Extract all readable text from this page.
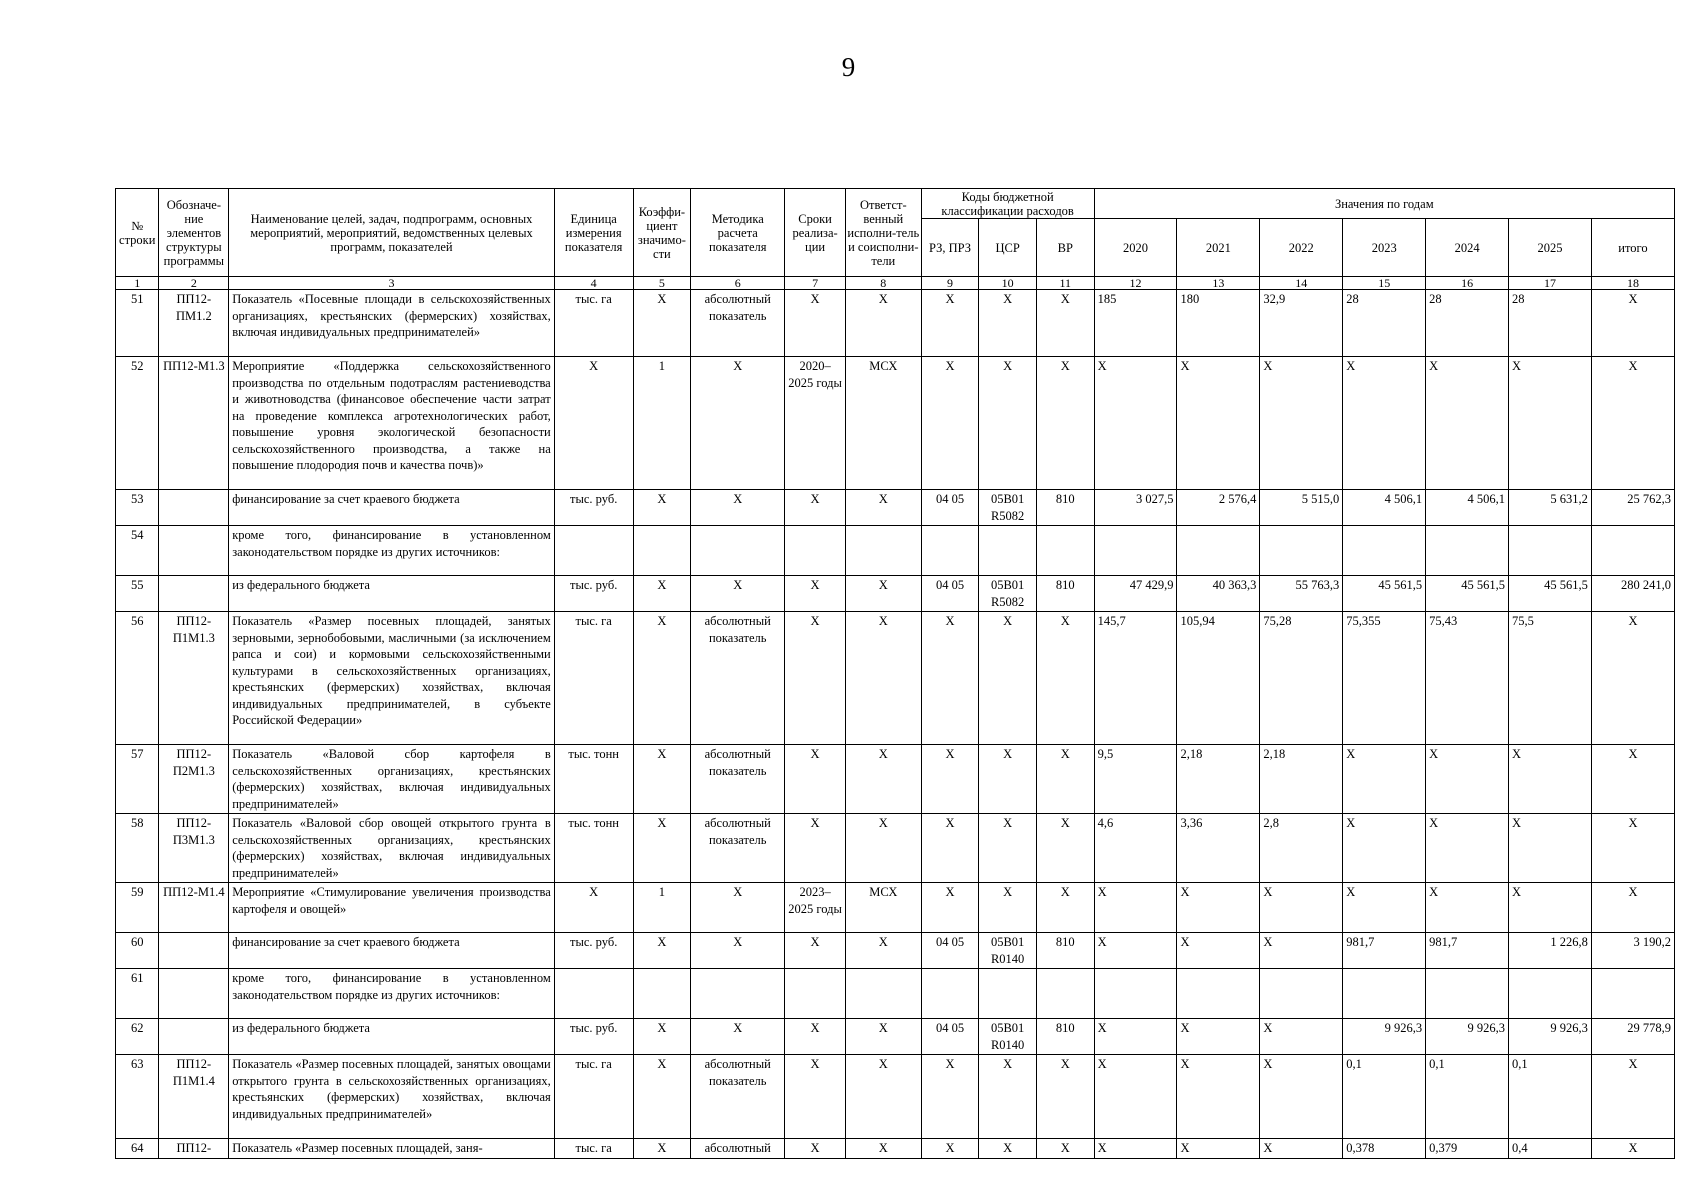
9
№ строки	Обозначе-ние элементов структуры программы	Наименование целей, задач, подпрограмм, основных мероприятий, мероприятий, ведомственных целевых программ, показателей	Единица измерения показателя	Коэффи-циент значимо-сти	Методика расчета показателя	Сроки реализа-ции	Ответст-венный исполни-тель и соисполни-тели	Коды бюджетной классификации расходов			Значения по годам						
								РЗ, ПРЗ	ЦСР	ВР	2020	2021	2022	2023	2024	2025	итого
1	2	3	4	5	6	7	8	9	10	11	12	13	14	15	16	17	18
51	ПП12-ПМ1.2	Показатель «Посевные площади в сельскохозяйственных организациях, крестьянских (фермерских) хозяйствах, включая индивидуальных предпринимателей»	тыс. га	Х	абсолютный показатель	Х	Х	Х	Х	Х	185	180	32,9	28	28	28	Х
52	ПП12-М1.3	Мероприятие «Поддержка сельскохозяйственного производства по отдельным подотраслям растениеводства и животноводства (финансовое обеспечение части затрат на проведение комплекса агротехнологических работ, повышение уровня экологической безопасности сельскохозяйственного производства, а также на повышение плодородия почв и качества почв)»	Х	1	Х	2020–2025 годы	МСХ	Х	Х	Х	Х	Х	Х	Х	Х	Х	Х
53		финансирование за счет краевого бюджета	тыс. руб.	Х	Х	Х	Х	04 05	05В01 R5082	810	3 027,5	2 576,4	5 515,0	4 506,1	4 506,1	5 631,2	25 762,3
54		кроме того, финансирование в установленном законодательством порядке из других источников:															
55		из федерального бюджета	тыс. руб.	Х	Х	Х	Х	04 05	05В01 R5082	810	47 429,9	40 363,3	55 763,3	45 561,5	45 561,5	45 561,5	280 241,0
56	ПП12-П1М1.3	Показатель «Размер посевных площадей, занятых зерновыми, зернобобовыми, масличными (за исключением рапса и сои) и кормовыми сельскохозяйственными культурами в сельскохозяйственных организациях, крестьянских (фермерских) хозяйствах, включая индивидуальных предпринимателей, в субъекте Российской Федерации»	тыс. га	Х	абсолютный показатель	Х	Х	Х	Х	Х	145,7	105,94	75,28	75,355	75,43	75,5	Х
57	ПП12-П2М1.3	Показатель «Валовой сбор картофеля в сельскохозяйственных организациях, крестьянских (фермерских) хозяйствах, включая индивидуальных предпринимателей»	тыс. тонн	Х	абсолютный показатель	Х	Х	Х	Х	Х	9,5	2,18	2,18	Х	Х	Х	Х
58	ПП12-П3М1.3	Показатель «Валовой сбор овощей открытого грунта в сельскохозяйственных организациях, крестьянских (фермерских) хозяйствах, включая индивидуальных предпринимателей»	тыс. тонн	Х	абсолютный показатель	Х	Х	Х	Х	Х	4,6	3,36	2,8	Х	Х	Х	Х
59	ПП12-М1.4	Мероприятие «Стимулирование увеличения производства картофеля и овощей»	Х	1	Х	2023–2025 годы	МСХ	Х	Х	Х	Х	Х	Х	Х	Х	Х	Х
60		финансирование за счет краевого бюджета	тыс. руб.	Х	Х	Х	Х	04 05	05В01 R0140	810	Х	Х	Х	981,7	981,7	1 226,8	3 190,2
61		кроме того, финансирование в установленном законодательством порядке из других источников:															
62		из федерального бюджета	тыс. руб.	Х	Х	Х	Х	04 05	05В01 R0140	810	Х	Х	Х	9 926,3	9 926,3	9 926,3	29 778,9
63	ПП12-П1М1.4	Показатель «Размер посевных площадей, занятых овощами открытого грунта в сельскохозяйственных организациях, крестьянских (фермерских) хозяйствах, включая индивидуальных предпринимателей»	тыс. га	Х	абсолютный показатель	Х	Х	Х	Х	Х	Х	Х	Х	0,1	0,1	0,1	Х
64	ПП12-	Показатель «Размер посевных площадей, заня-	тыс. га	Х	абсолютный	Х	Х	Х	Х	Х	Х	Х	Х	0,378	0,379	0,4	Х
